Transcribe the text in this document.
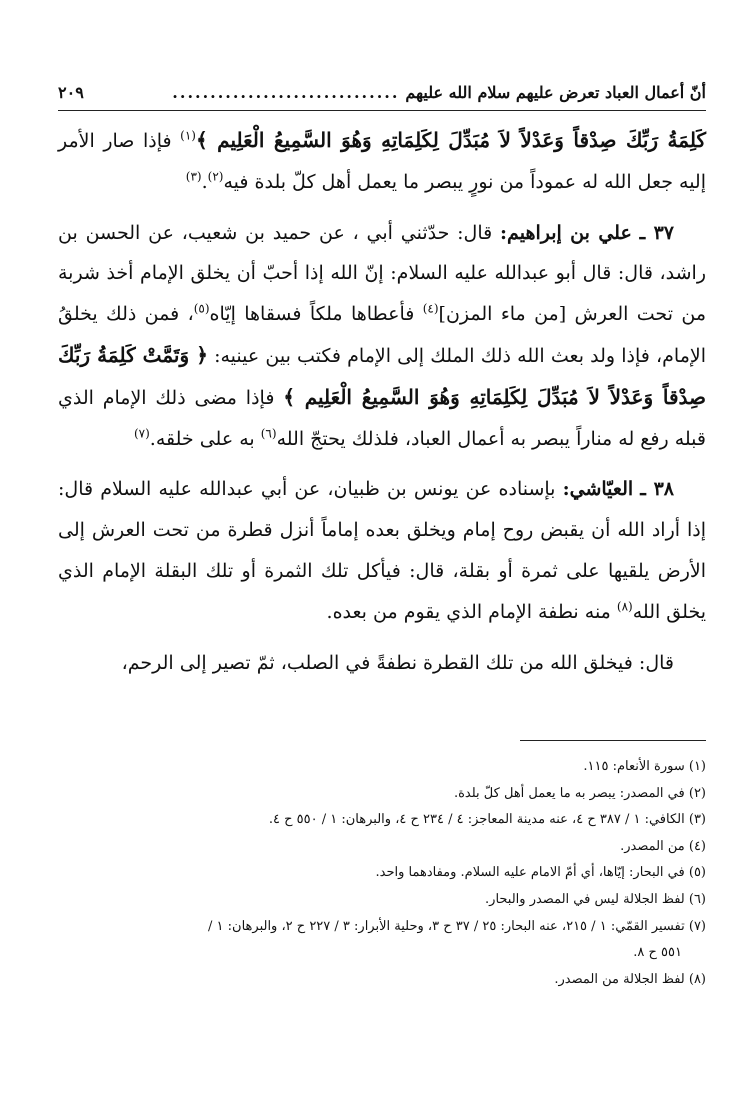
أنّ أعمال العباد تعرض عليهم سلام الله عليهم
..............................
٢٠٩

كَلِمَةُ رَبِّكَ صِدْقاً وَعَدْلاً لاَ مُبَدِّلَ لِكَلِمَاتِهِ وَهُوَ السَّمِيعُ الْعَلِيم ﴾$^{(١)}$ فإذا صار الأمر إليه جعل الله له عموداً من نورٍ يبصر ما يعمل أهل كلّ بلدة فيه$^{(٢)}$.$^{(٣)}$

٣٧ ـ علي بن إبراهيم: قال: حدّثني أبي ، عن حميد بن شعيب، عن الحسن بن راشد، قال: قال أبو عبدالله عليه السلام: إنّ الله إذا أحبّ أن يخلق الإمام أخذ شربة من تحت العرش [من ماء المزن]$^{(٤)}$ فأعطاها ملكاً فسقاها إيّاه$^{(٥)}$، فمن ذلك يخلقُ الإمام، فإذا ولد بعث الله ذلك الملك إلى الإمام فكتب بين عينيه: ﴿ وَتَمَّتْ كَلِمَةُ رَبِّكَ صِدْقاً وَعَدْلاً لاَ مُبَدِّلَ لِكَلِمَاتِهِ وَهُوَ السَّمِيعُ الْعَلِيم ﴾ فإذا مضى ذلك الإمام الذي قبله رفع له مناراً يبصر به أعمال العباد، فلذلك يحتجّ الله$^{(٦)}$ به على خلقه.$^{(٧)}$

٣٨ ـ العيّاشي: بإسناده عن يونس بن ظبيان، عن أبي عبدالله عليه السلام قال: إذا أراد الله أن يقبض روح إمام ويخلق بعده إماماً أنزل قطرة من تحت العرش إلى الأرض يلقيها على ثمرة أو بقلة، قال: فيأكل تلك الثمرة أو تلك البقلة الإمام الذي يخلق الله$^{(٨)}$ منه نطفة الإمام الذي يقوم من بعده.

قال: فيخلق الله من تلك القطرة نطفةً في الصلب، ثمّ تصير إلى الرحم،

(١) سورة الأنعام: ١١٥.
(٢) في المصدر: يبصر به ما يعمل أهل كلّ بلدة.
(٣) الكافي: ١ / ٣٨٧ ح ٤، عنه مدينة المعاجز: ٤ / ٢٣٤ ح ٤، والبرهان: ١ / ٥٥٠ ح ٤.
(٤) من المصدر.
(٥) في البحار: إيّاها، أي أمّ الامام عليه السلام. ومفادهما واحد.
(٦) لفظ الجلالة ليس في المصدر والبحار.
(٧) تفسير القمّي: ١ / ٢١٥، عنه البحار: ٢٥ / ٣٧ ح ٣، وحلية الأبرار: ٣ / ٢٢٧ ح ٢، والبرهان: ١ /
٥٥١ ح ٨.
(٨) لفظ الجلالة من المصدر.
